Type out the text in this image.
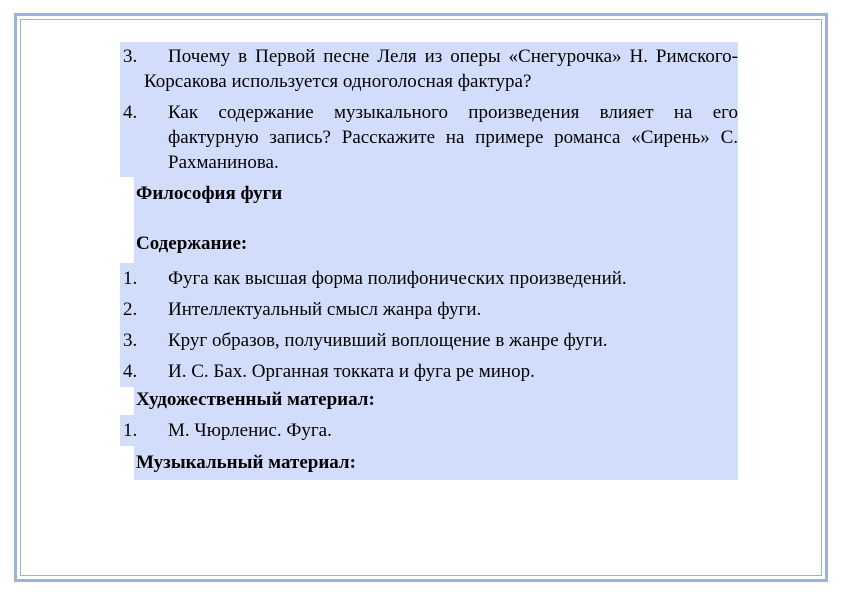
3.	Почему в Первой песне Леля из оперы «Снегурочка» Н. Римского-Корсакова используется одноголосная фактура?
4. Как содержание музыкального произведения влияет на его фактурную запись? Расскажите на примере романса «Сирень» С. Рахманинова.
Философия фуги
Содержание:
1. Фуга как высшая форма полифонических произведений.
2. Интеллектуальный смысл жанра фуги.
3. Круг образов, получивший воплощение в жанре фуги.
4. И. С. Бах. Органная токката и фуга ре минор.
Художественный материал:
1. М. Чюрленис. Фуга.
Музыкальный материал:
